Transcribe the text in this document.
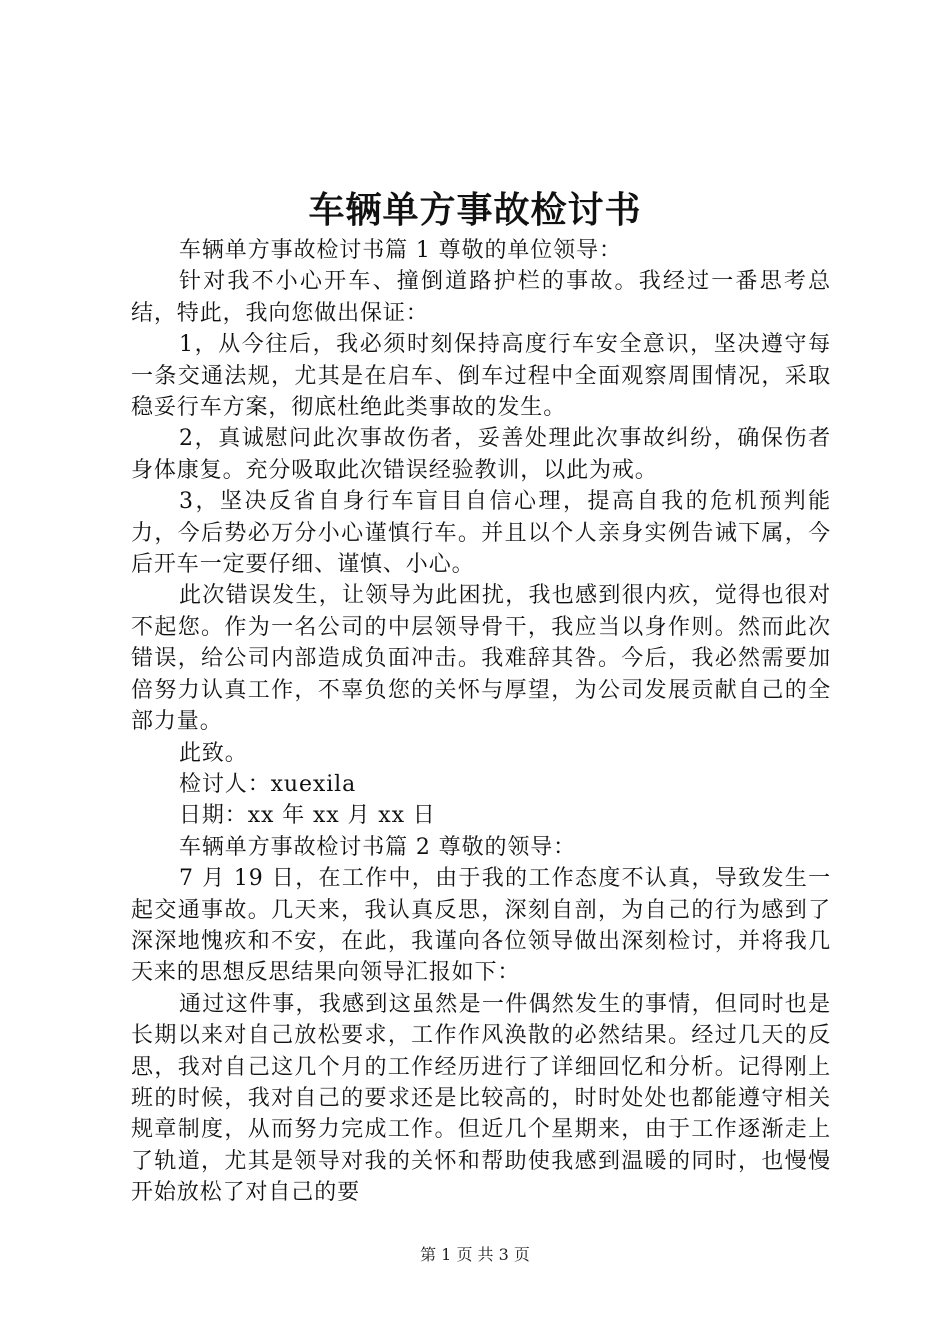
车辆单方事故检讨书

车辆单方事故检讨书篇 1 尊敬的单位领导：

针对我不小心开车、撞倒道路护栏的事故。我经过一番思考总结，特此，我向您做出保证：

1，从今往后，我必须时刻保持高度行车安全意识，坚决遵守每一条交通法规，尤其是在启车、倒车过程中全面观察周围情况，采取稳妥行车方案，彻底杜绝此类事故的发生。

2，真诚慰问此次事故伤者，妥善处理此次事故纠纷，确保伤者身体康复。充分吸取此次错误经验教训，以此为戒。

3，坚决反省自身行车盲目自信心理，提高自我的危机预判能力，今后势必万分小心谨慎行车。并且以个人亲身实例告诫下属，今后开车一定要仔细、谨慎、小心。

此次错误发生，让领导为此困扰，我也感到很内疚，觉得也很对不起您。作为一名公司的中层领导骨干，我应当以身作则。然而此次错误，给公司内部造成负面冲击。我难辞其咎。今后，我必然需要加倍努力认真工作，不辜负您的关怀与厚望，为公司发展贡献自己的全部力量。

此致。

检讨人：xuexila

日期：xx 年 xx 月 xx 日

车辆单方事故检讨书篇 2 尊敬的领导：

7 月 19 日，在工作中，由于我的工作态度不认真，导致发生一起交通事故。几天来，我认真反思，深刻自剖，为自己的行为感到了深深地愧疚和不安，在此，我谨向各位领导做出深刻检讨，并将我几天来的思想反思结果向领导汇报如下：

通过这件事，我感到这虽然是一件偶然发生的事情，但同时也是长期以来对自己放松要求，工作作风涣散的必然结果。经过几天的反思，我对自己这几个月的工作经历进行了详细回忆和分析。记得刚上班的时候，我对自己的要求还是比较高的，时时处处也都能遵守相关规章制度，从而努力完成工作。但近几个星期来，由于工作逐渐走上了轨道，尤其是领导对我的关怀和帮助使我感到温暖的同时，也慢慢开始放松了对自己的要

第 1 页 共 3 页
